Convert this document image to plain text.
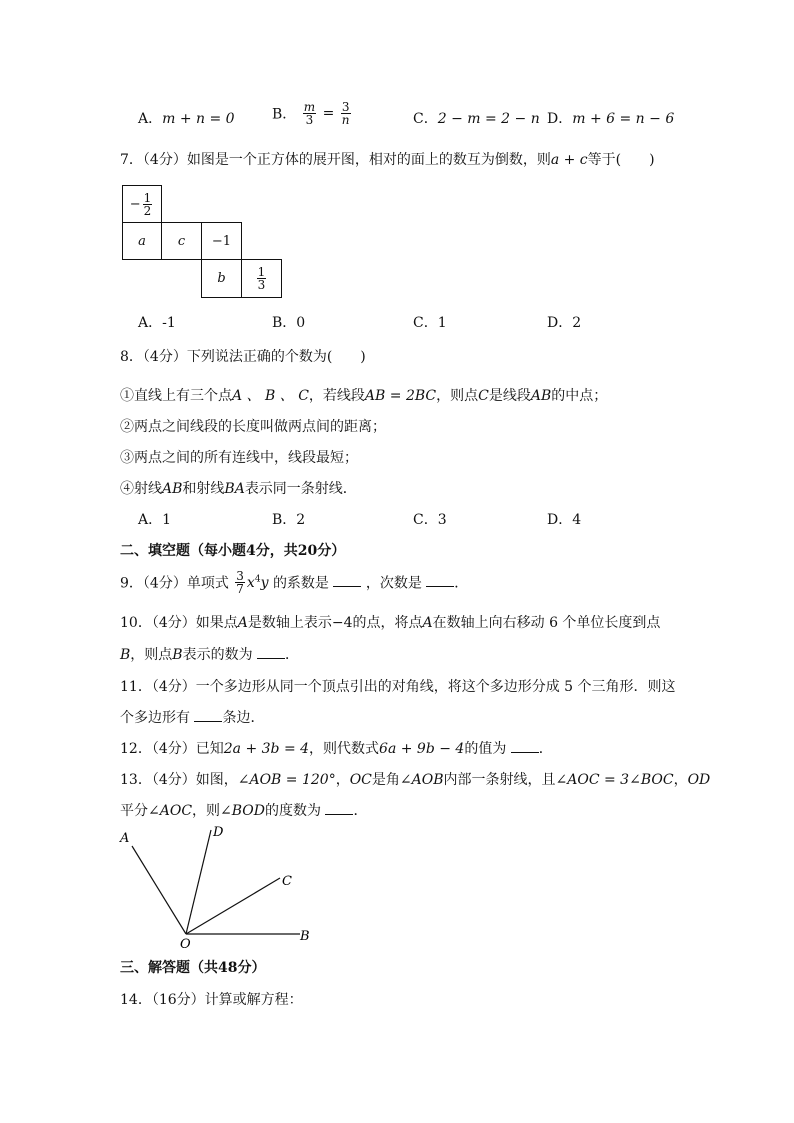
A．m + n = 0	B． $\frac{m}{3} = \frac{3}{n}$	C．2 − m = 2 − n D．m + 6 = n − 6
7．（4分）如图是一个正方体的展开图，相对的面上的数互为倒数，则a + c等于(　　)
− $\frac{1}{2}$
a c −1
b	$\frac{1}{3}$
A．-1	B．0	C．1	D．2
8．（4分）下列说法正确的个数为(　　)
①直线上有三个点A 、 B 、 C，若线段AB = 2BC，则点C是线段AB的中点；
②两点之间线段的长度叫做两点间的距离；
③两点之间的所有连线中，线段最短；
④射线AB和射线BA表示同一条射线．
A．1	B．2	C．3	D．4
二、填空题（每小题4分，共20分）
9．（4分）单项式 $\frac{3}{7} x^4y$ 的系数是	，次数是 ．
10．（4分）如果点A是数轴上表示−4的点，将点A在数轴上向右移动 6 个单位长度到点
B，则点B表示的数为 ．
11．（4分）一个多边形从同一个顶点引出的对角线，将这个多边形分成 5 个三角形．则这
个多边形有 条边．
12．（4分）已知2a + 3b = 4，则代数式6a + 9b − 4的值为 ．
13．（4分）如图，∠AOB = 120°，OC是角∠AOB内部一条射线，且∠AOC = 3∠BOC，OD
平分∠AOC，则∠BOD的度数为 ．
A	D
C
O
B
三、解答题（共48分）
14．（16分）计算或解方程：
